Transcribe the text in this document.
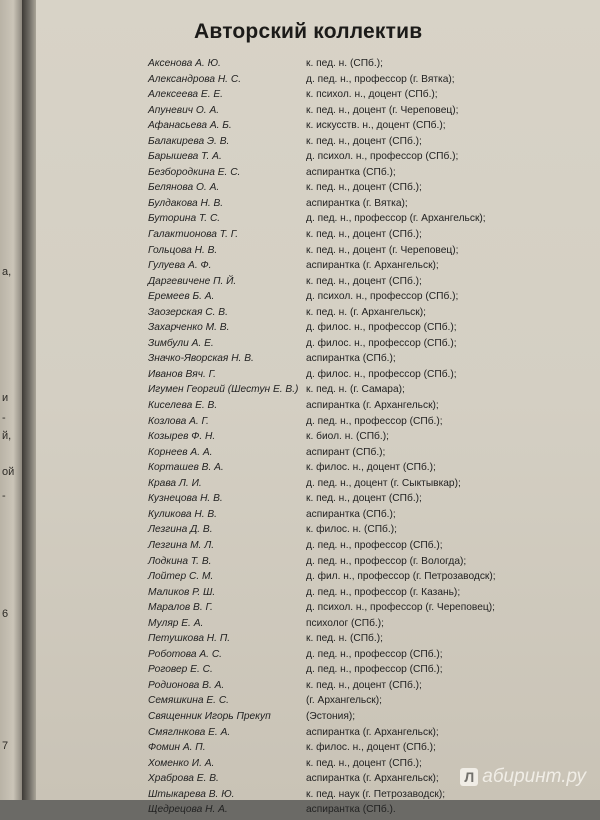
а,
и
-
й,
ой
-
6
7
Авторский коллектив
Аксенова А. Ю.	к. пед. н. (СПб.);
Александрова Н. С.	д. пед. н., профессор (г. Вятка);
Алексеева Е. Е.	к. психол. н., доцент (СПб.);
Апуневич О. А.	к. пед. н., доцент (г. Череповец);
Афанасьева А. Б.	к. искусств. н., доцент (СПб.);
Балакирева Э. В.	к. пед. н., доцент (СПб.);
Барышева Т. А.	д. психол. н., профессор (СПб.);
Безбородкина Е. С.	аспирантка (СПб.);
Белянова О. А.	к. пед. н., доцент (СПб.);
Булдакова Н. В.	аспирантка (г. Вятка);
Буторина Т. С.	д. пед. н., профессор (г. Архангельск);
Галактионова Т. Г.	к. пед. н., доцент (СПб.);
Гольцова Н. В.	к. пед. н., доцент (г. Череповец);
Гулуева А. Ф.	аспирантка (г. Архангельск);
Даргевичене П. Й.	к. пед. н., доцент (СПб.);
Еремеев Б. А.	д. психол. н., профессор (СПб.);
Заозерская С. В.	к. пед. н. (г. Архангельск);
Захарченко М. В.	д. филос. н., профессор (СПб.);
Зимбули А. Е.	д. филос. н., профессор (СПб.);
Значко-Яворская Н. В.	аспирантка (СПб.);
Иванов Вяч. Г.	д. филос. н., профессор (СПб.);
Игумен Георгий (Шестун Е. В.) к. пед. н. (г. Самара);
Киселева Е. В.	аспирантка (г. Архангельск);
Козлова А. Г.	д. пед. н., профессор (СПб.);
Козырев Ф. Н.	к. биол. н. (СПб.);
Корнеев А. А.	аспирант (СПб.);
Корташев В. А.	к. филос. н., доцент (СПб.);
Крава Л. И.	д. пед. н., доцент (г. Сыктывкар);
Кузнецова Н. В.	к. пед. н., доцент (СПб.);
Куликова Н. В.	аспирантка (СПб.);
Лезгина Д. В.	к. филос. н. (СПб.);
Лезгина М. Л.	д. пед. н., профессор (СПб.);
Лодкина Т. В.	д. пед. н., профессор (г. Вологда);
Лойтер С. М.	д. фил. н., профессор (г. Петрозаводск);
Маликов Р. Ш.	д. пед. н., профессор (г. Казань);
Маралов В. Г.	д. психол. н., профессор (г. Череповец);
Муляр Е. А.	психолог (СПб.);
Петушкова Н. П.	к. пед. н. (СПб.);
Роботова А. С.	д. пед. н., профессор (СПб.);
Роговер Е. С.	д. пед. н., профессор (СПб.);
Родионова В. А.	к. пед. н., доцент (СПб.);
Семяшкина Е. С.	(г. Архангельск);
Священник Игорь Прекуп	(Эстония);
Смяглнкова Е. А.	аспирантка (г. Архангельск);
Фомин А. П.	к. филос. н., доцент (СПб.);
Хоменко И. А.	к. пед. н., доцент (СПб.);
Храброва Е. В.	аспирантка (г. Архангельск);
Штыкарева В. Ю.	к. пед. наук (г. Петрозаводск);
Щедрецова Н. А.	аспирантка (СПб.).
Л абиринт.ру
